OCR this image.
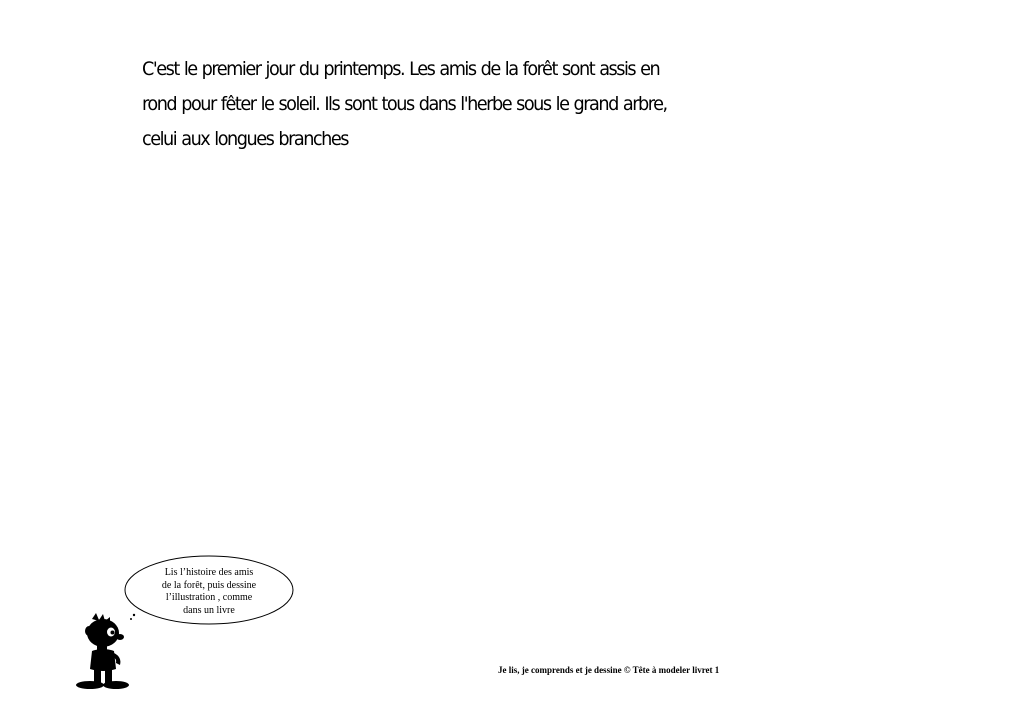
C'est le premier jour du printemps. Les amis de la forêt sont assis en
rond pour fêter le soleil. Ils sont tous dans l'herbe sous le grand arbre,
celui aux longues branches
Lis l’histoire des amis
de la forêt, puis dessine
l’illustration , comme
dans un livre
Je lis, je comprends et je dessine © Tête à modeler livret 1
